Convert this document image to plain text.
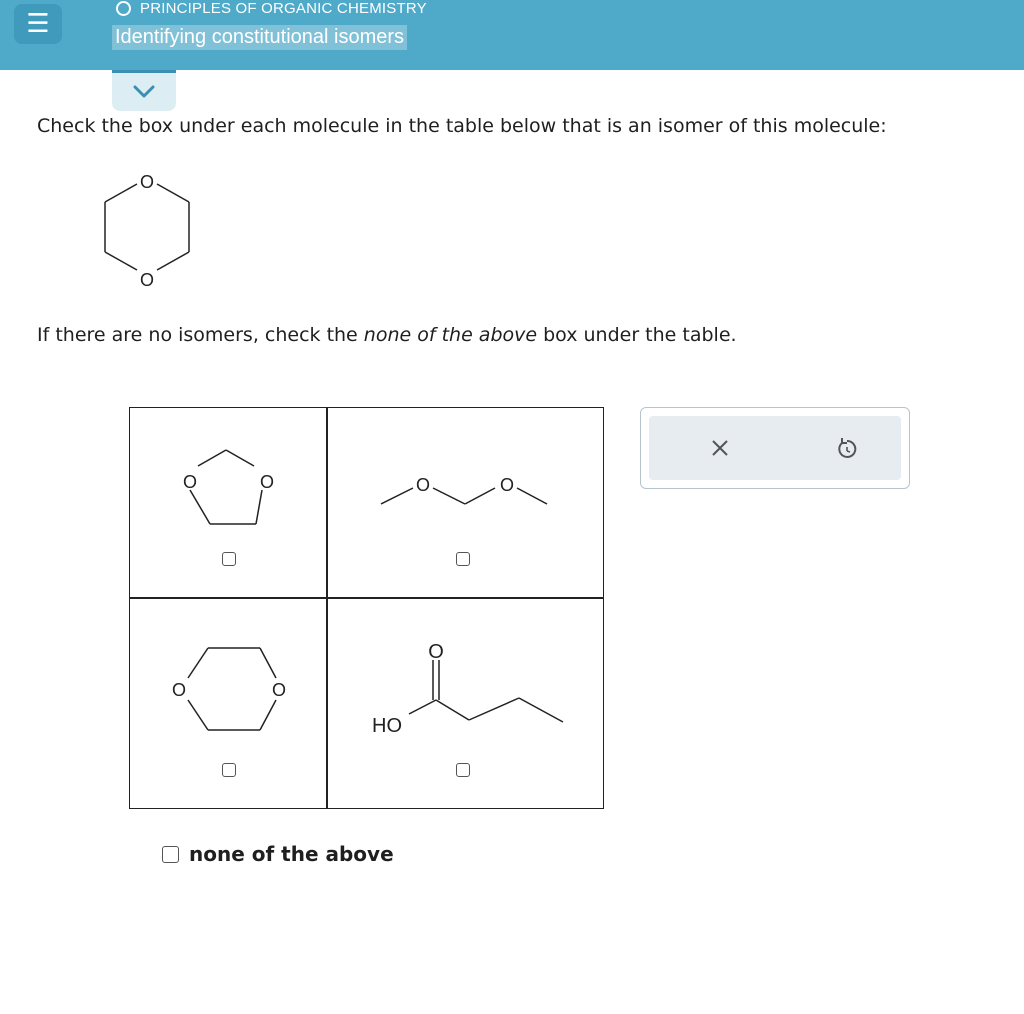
☰
PRINCIPLES OF ORGANIC CHEMISTRY
Identifying constitutional isomers
Check the box under each molecule in the table below that is an isomer of this molecule:
O
O
If there are no isomers, check the none of the above box under the table.
O	O	O	O
O	O
O
HO
none of the above
